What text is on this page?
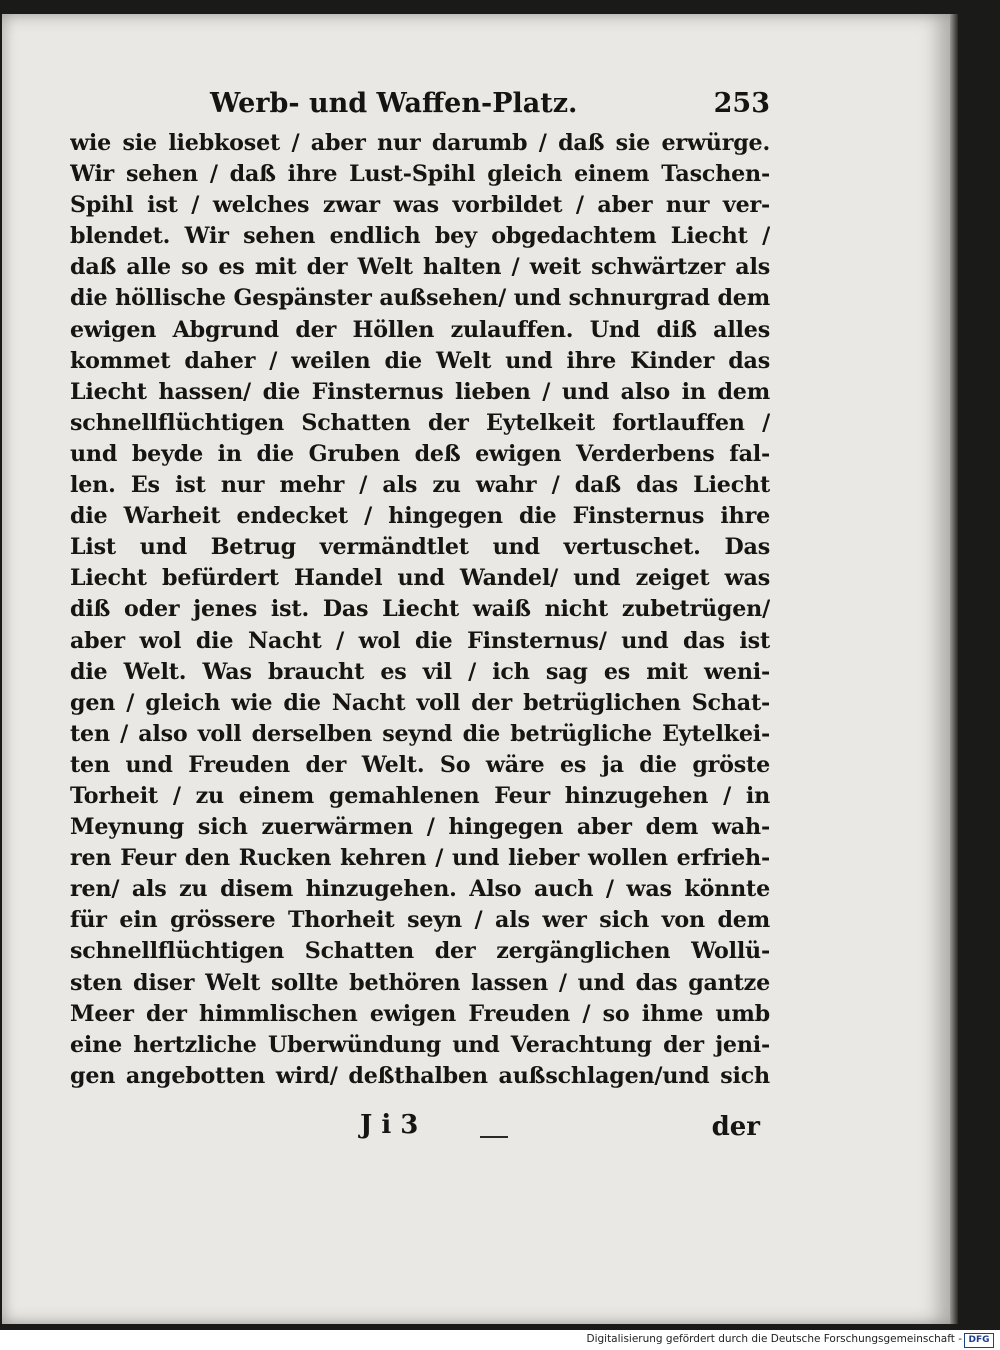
Werb- und Waffen-Platz.	253
wie sie liebkoset / aber nur darumb / daß sie erwürge.
Wir sehen / daß ihre Lust-Spihl gleich einem Taschen-
Spihl ist / welches zwar was vorbildet / aber nur ver-
blendet. Wir sehen endlich bey obgedachtem Liecht /
daß alle so es mit der Welt halten / weit schwärtzer als
die höllische Gespänster außsehen/ und schnurgrad dem
ewigen Abgrund der Höllen zulauffen. Und diß alles
kommet daher / weilen die Welt und ihre Kinder das
Liecht hassen/ die Finsternus lieben / und also in dem
schnellflüchtigen Schatten der Eytelkeit fortlauffen /
und beyde in die Gruben deß ewigen Verderbens fal-
len. Es ist nur mehr / als zu wahr / daß das Liecht
die Warheit endecket / hingegen die Finsternus ihre
List und Betrug vermändtlet und vertuschet. Das
Liecht befürdert Handel und Wandel/ und zeiget was
diß oder jenes ist. Das Liecht waiß nicht zubetrügen/
aber wol die Nacht / wol die Finsternus/ und das ist
die Welt. Was braucht es vil / ich sag es mit weni-
gen / gleich wie die Nacht voll der betrüglichen Schat-
ten / also voll derselben seynd die betrügliche Eytelkei-
ten und Freuden der Welt. So wäre es ja die gröste
Torheit / zu einem gemahlenen Feur hinzugehen / in
Meynung sich zuerwärmen / hingegen aber dem wah-
ren Feur den Rucken kehren / und lieber wollen erfrieh-
ren/ als zu disem hinzugehen. Also auch / was könnte
für ein grössere Thorheit seyn / als wer sich von dem
schnellflüchtigen Schatten der zergänglichen Wollü-
sten diser Welt sollte bethören lassen / und das gantze
Meer der himmlischen ewigen Freuden / so ihme umb
eine hertzliche Uberwündung und Verachtung der jeni-
gen angebotten wird/ deßthalben außschlagen/und sich
J i 3	der
Digitalisierung gefördert durch die Deutsche Forschungsgemeinschaft - DFG
